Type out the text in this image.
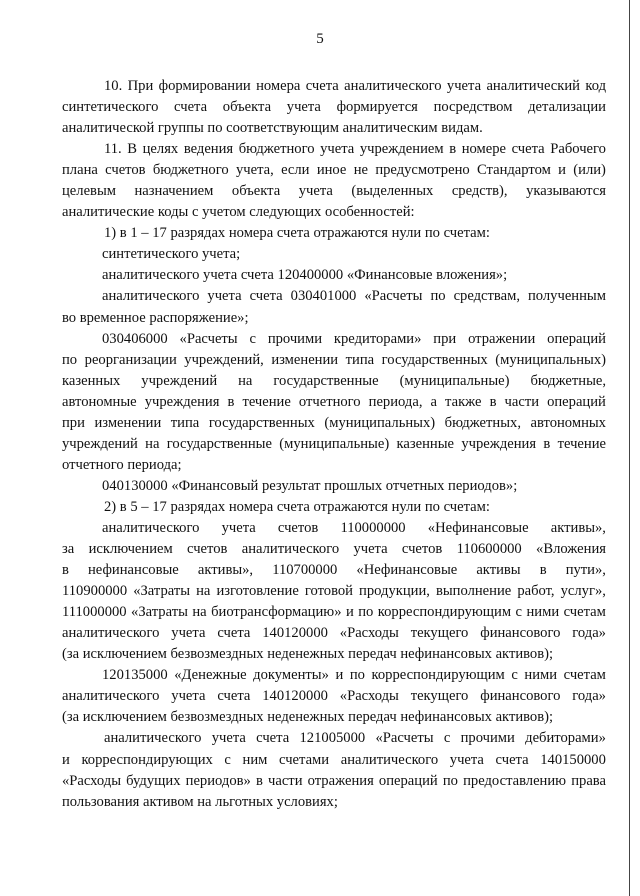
5
10. При формировании номера счета аналитического учета аналитический код
синтетического счета объекта учета формируется посредством детализации
аналитической группы по соответствующим аналитическим видам.
11. В целях ведения бюджетного учета учреждением в номере счета Рабочего
плана счетов бюджетного учета, если иное не предусмотрено Стандартом и (или)
целевым назначением объекта учета (выделенных средств), указываются
аналитические коды с учетом следующих особенностей:
1) в 1 – 17 разрядах номера счета отражаются нули по счетам:
синтетического учета;
аналитического учета счета 120400000 «Финансовые вложения»;
аналитического учета счета 030401000 «Расчеты по средствам, полученным
во временное распоряжение»;
030406000 «Расчеты с прочими кредиторами» при отражении операций
по реорганизации учреждений, изменении типа государственных (муниципальных)
казенных учреждений на государственные (муниципальные) бюджетные,
автономные учреждения в течение отчетного периода, а также в части операций
при изменении типа государственных (муниципальных) бюджетных, автономных
учреждений на государственные (муниципальные) казенные учреждения в течение
отчетного периода;
040130000 «Финансовый результат прошлых отчетных периодов»;
2) в 5 – 17 разрядах номера счета отражаются нули по счетам:
аналитического учета счетов 110000000 «Нефинансовые активы»,
за исключением счетов аналитического учета счетов 110600000 «Вложения
в нефинансовые активы», 110700000 «Нефинансовые активы в пути»,
110900000 «Затраты на изготовление готовой продукции, выполнение работ, услуг»,
111000000 «Затраты на биотрансформацию» и по корреспондирующим с ними счетам
аналитического учета счета 140120000 «Расходы текущего финансового года»
(за исключением безвозмездных неденежных передач нефинансовых активов);
120135000 «Денежные документы» и по корреспондирующим с ними счетам
аналитического учета счета 140120000 «Расходы текущего финансового года»
(за исключением безвозмездных неденежных передач нефинансовых активов);
аналитического учета счета 121005000 «Расчеты с прочими дебиторами»
и корреспондирующих с ним счетами аналитического учета счета 140150000
«Расходы будущих периодов» в части отражения операций по предоставлению права
пользования активом на льготных условиях;
